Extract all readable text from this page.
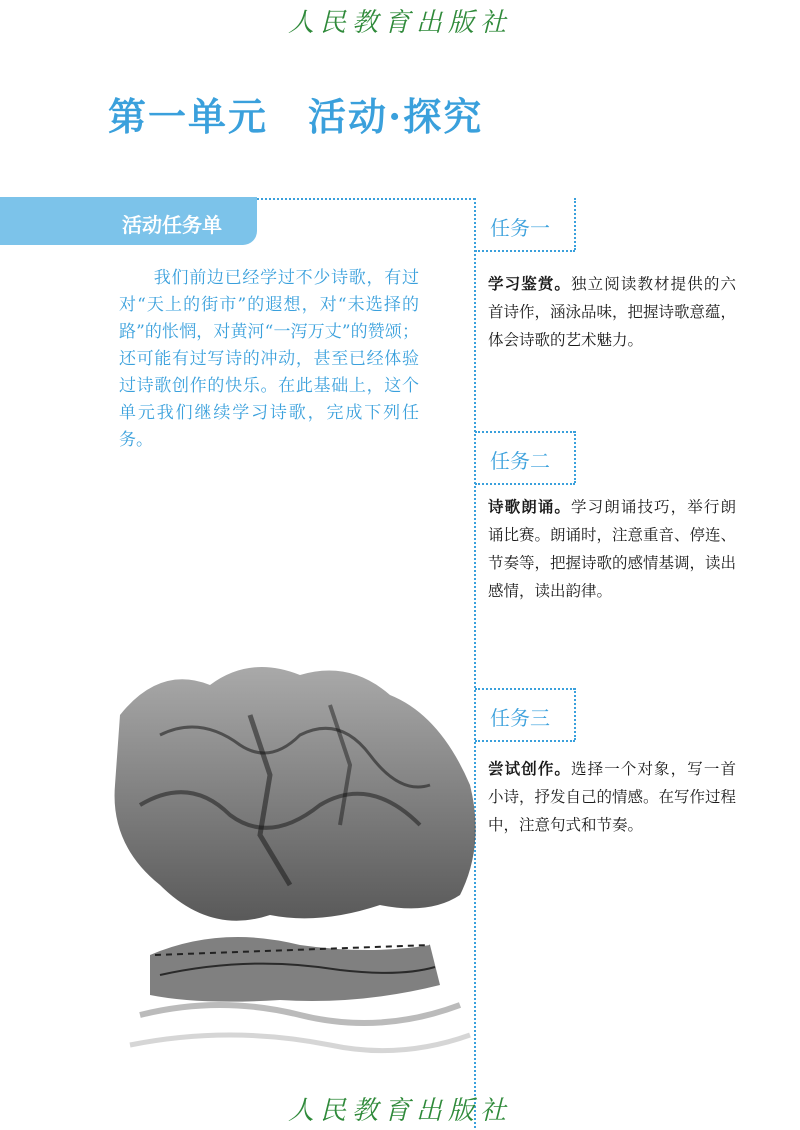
人民教育出版社
第一单元　活动·探究
活动任务单

我们前边已经学过不少诗歌，有过对“天上的街市”的遐想，对“未选择的路”的怅惘，对黄河“一泻万丈”的赞颂；还可能有过写诗的冲动，甚至已经体验过诗歌创作的快乐。在此基础上，这个单元我们继续学习诗歌，完成下列任务。

任务一

学习鉴赏。独立阅读教材提供的六首诗作，涵泳品味，把握诗歌意蕴，体会诗歌的艺术魅力。

任务二

诗歌朗诵。学习朗诵技巧，举行朗诵比赛。朗诵时，注意重音、停连、节奏等，把握诗歌的感情基调，读出感情，读出韵律。

任务三

尝试创作。选择一个对象，写一首小诗，抒发自己的情感。在写作过程中，注意句式和节奏。

人民教育出版社
